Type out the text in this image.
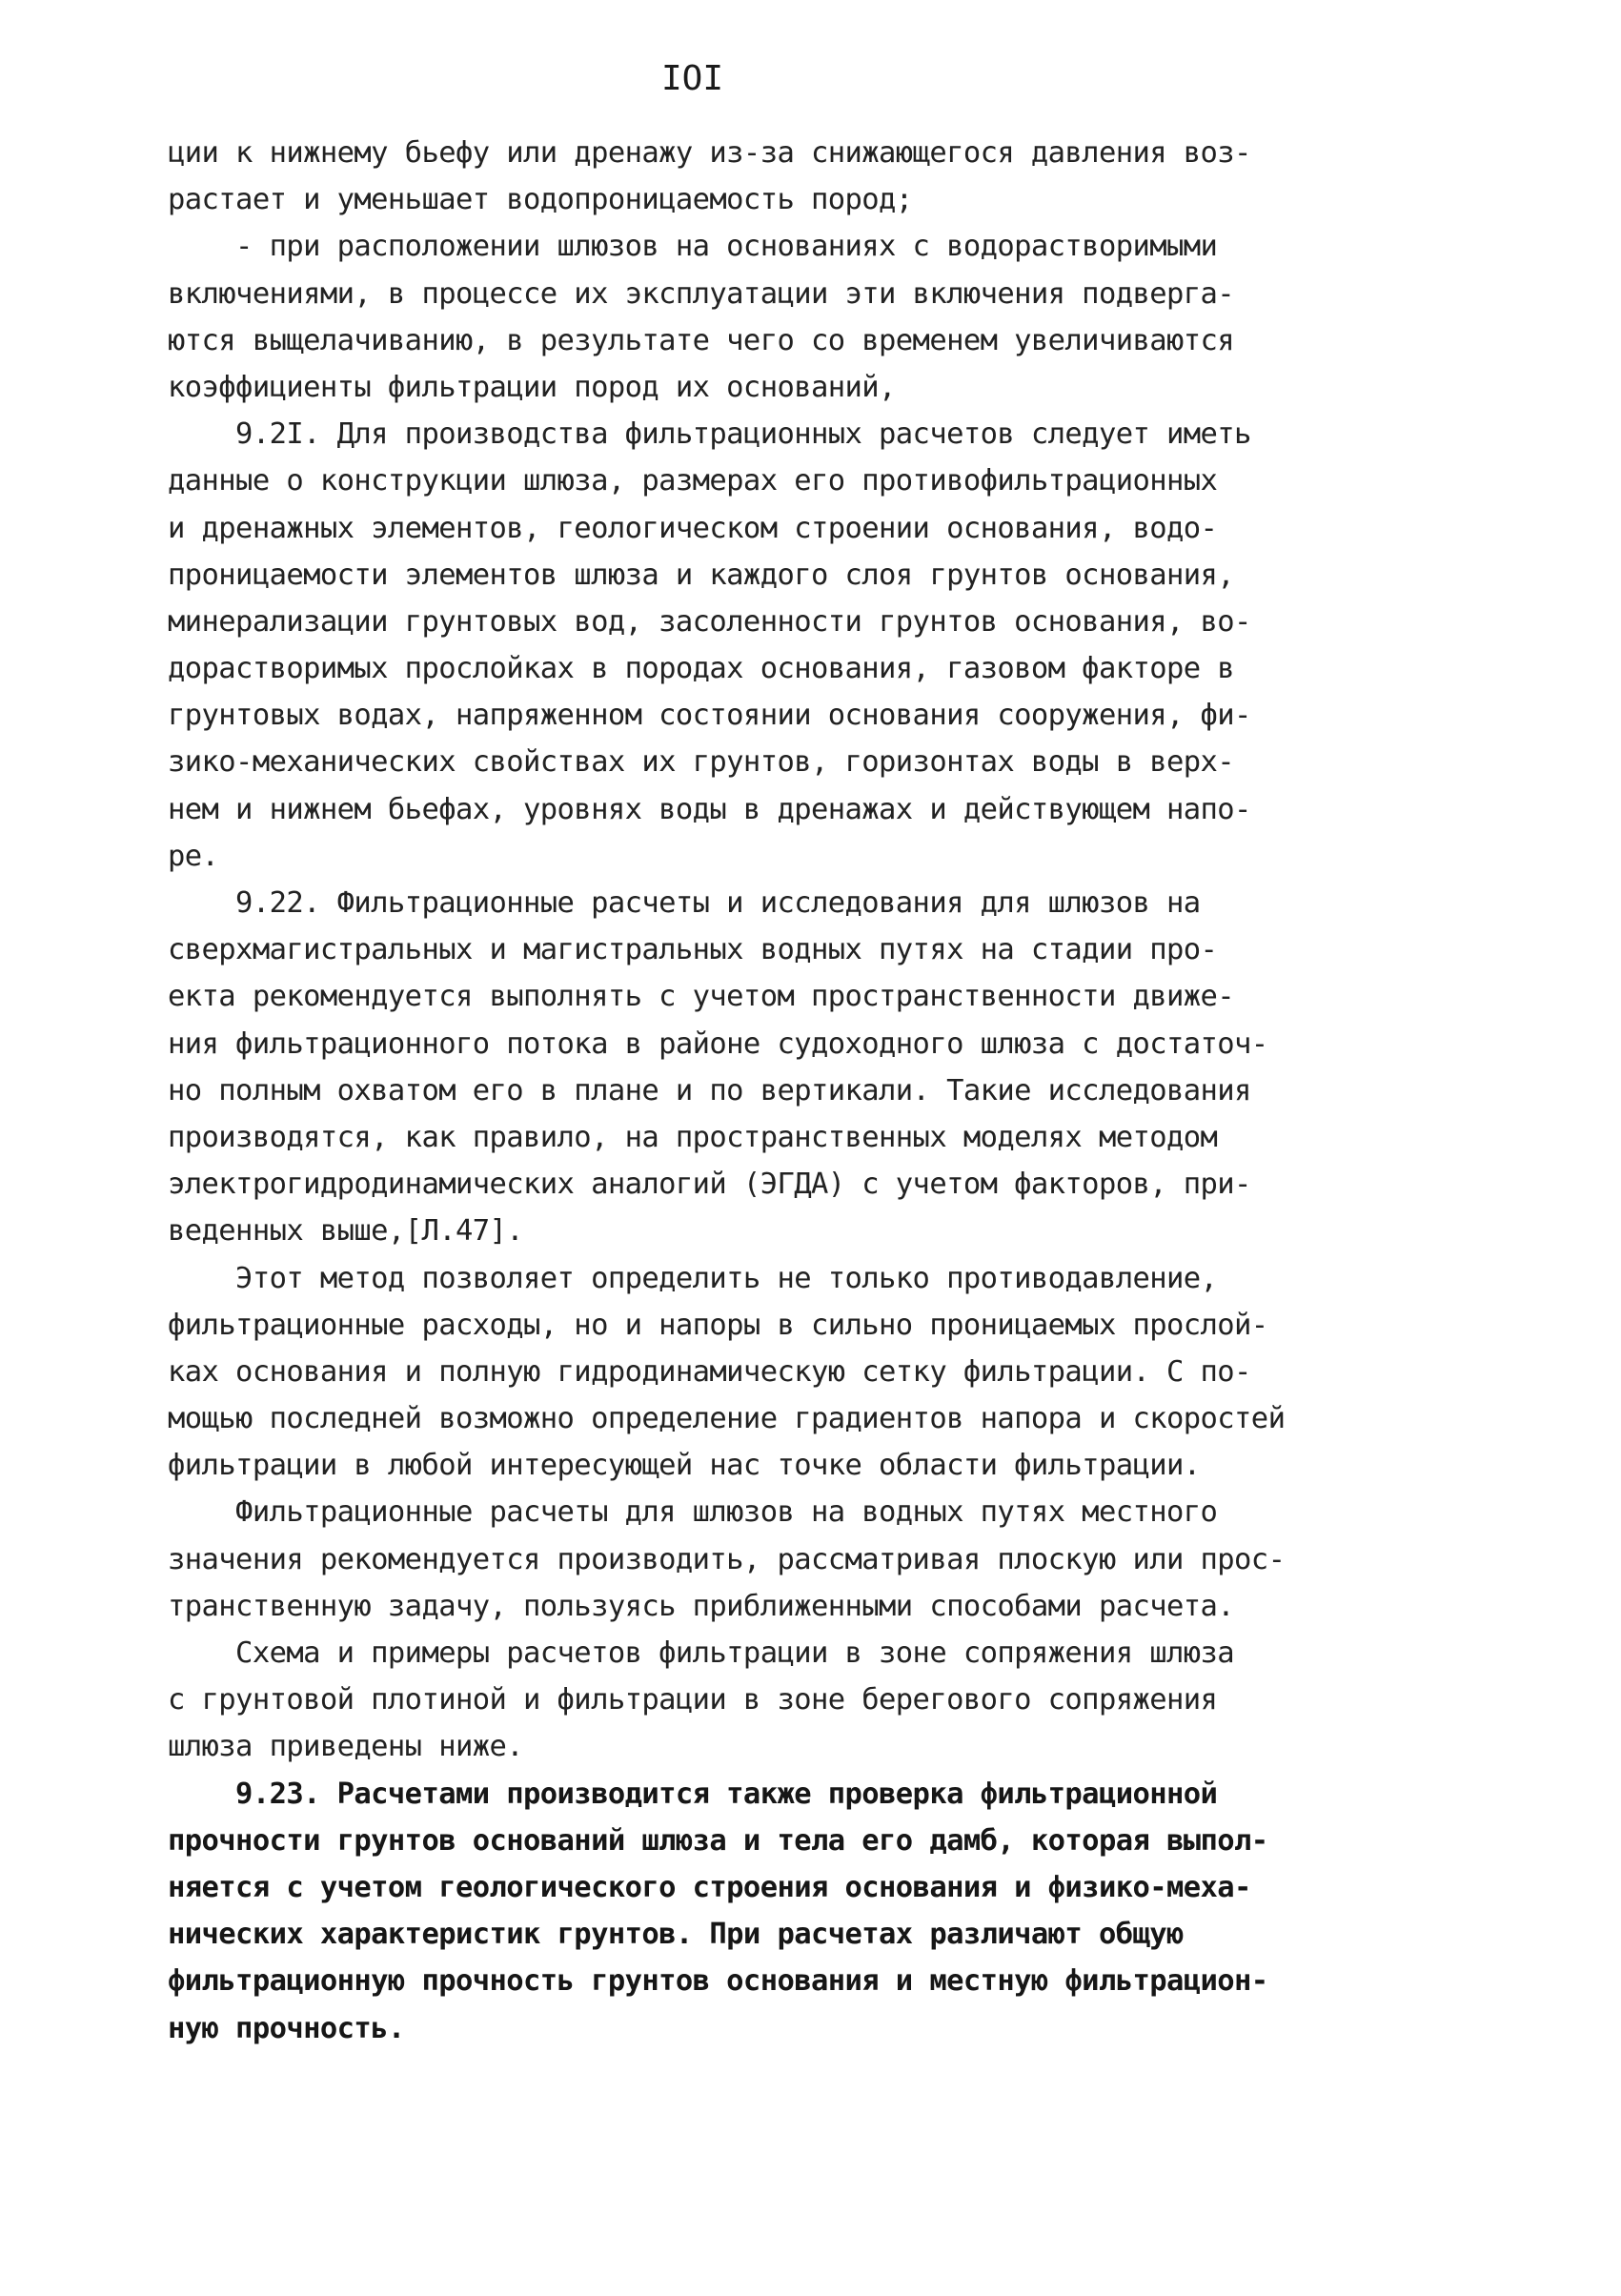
IOI
ции к нижнему бьефу или дренажу из-за снижающегося давления воз-
растает и уменьшает водопроницаемость пород;
- при расположении шлюзов на основаниях с водорастворимыми
включениями, в процессе их эксплуатации эти включения подверга-
ются выщелачиванию, в результате чего со временем увеличиваются
коэффициенты фильтрации пород их оснований,
9.2I. Для производства фильтрационных расчетов следует иметь
данные о конструкции шлюза, размерах его противофильтрационных
и дренажных элементов, геологическом строении основания, водо-
проницаемости элементов шлюза и каждого слоя грунтов основания,
минерализации грунтовых вод, засоленности грунтов основания, во-
дорастворимых прослойках в породах основания, газовом факторе в
грунтовых водах, напряженном состоянии основания сооружения, фи-
зико-механических свойствах их грунтов, горизонтах воды в верх-
нем и нижнем бьефах, уровнях воды в дренажах и действующем напо-
ре.
9.22. Фильтрационные расчеты и исследования для шлюзов на
сверхмагистральных и магистральных водных путях на стадии про-
екта рекомендуется выполнять с учетом пространственности движе-
ния фильтрационного потока в районе судоходного шлюза с достаточ-
но полным охватом его в плане и по вертикали. Такие исследования
производятся, как правило, на пространственных моделях методом
электрогидродинамических аналогий (ЭГДА) с учетом факторов, при-
веденных выше,[Л.47].
Этот метод позволяет определить не только противодавление,
фильтрационные расходы, но и напоры в сильно проницаемых прослой-
ках основания и полную гидродинамическую сетку фильтрации. С по-
мощью последней возможно определение градиентов напора и скоростей
фильтрации в любой интересующей нас точке области фильтрации.
Фильтрационные расчеты для шлюзов на водных путях местного
значения рекомендуется производить, рассматривая плоскую или прос-
транственную задачу, пользуясь приближенными способами расчета.
Схема и примеры расчетов фильтрации в зоне сопряжения шлюза
с грунтовой плотиной и фильтрации в зоне берегового сопряжения
шлюза приведены ниже.
9.23. Расчетами производится также проверка фильтрационной
прочности грунтов оснований шлюза и тела его дамб, которая выпол-
няется с учетом геологического строения основания и физико-меха-
нических характеристик грунтов. При расчетах различают общую
фильтрационную прочность грунтов основания и местную фильтрацион-
ную прочность.
